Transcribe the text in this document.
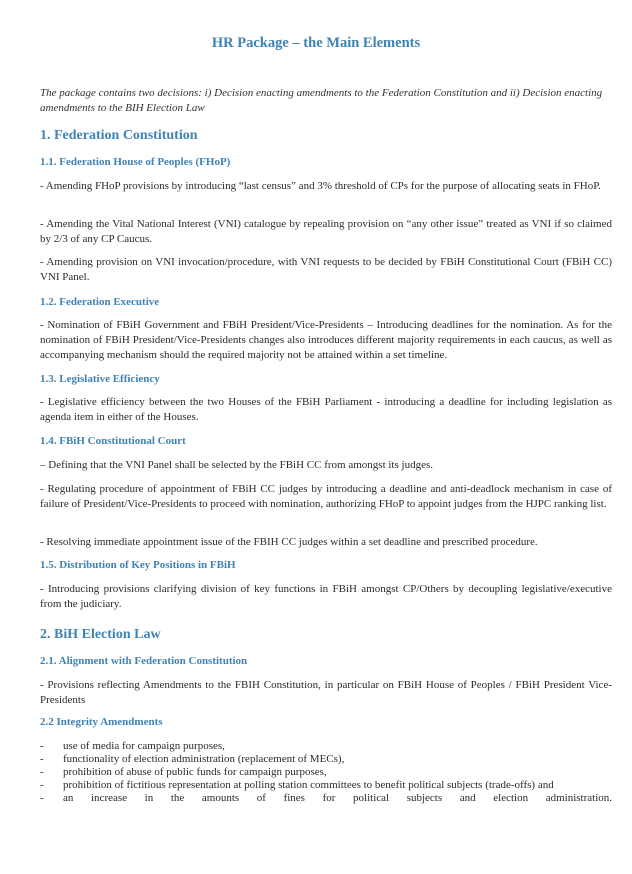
HR Package – the Main Elements
The package contains two decisions: i) Decision enacting amendments to the Federation Constitution and ii) Decision enacting amendments to the BIH Election Law
1. Federation Constitution
1.1. Federation House of Peoples (FHoP)

- Amending FHoP provisions by introducing “last census” and 3% threshold of CPs for the purpose of allocating seats in FHoP.

- Amending the Vital National Interest (VNI) catalogue by repealing provision on “any other issue” treated as VNI if so claimed by 2/3 of any CP Caucus.

- Amending provision on VNI invocation/procedure, with VNI requests to be decided by FBiH Constitutional Court (FBiH CC) VNI Panel.

1.2. Federation Executive

- Nomination of FBiH Government and FBiH President/Vice-Presidents – Introducing deadlines for the nomination. As for the nomination of FBiH President/Vice-Presidents changes also introduces different majority requirements in each caucus, as well as accompanying mechanism should the required majority not be attained within a set timeline.

1.3. Legislative Efficiency

- Legislative efficiency between the two Houses of the FBiH Parliament - introducing a deadline for including legislation as agenda item in either of the Houses.

1.4. FBiH Constitutional Court

– Defining that the VNI Panel shall be selected by the FBiH CC from amongst its judges.

- Regulating procedure of appointment of FBiH CC judges by introducing a deadline and anti-deadlock mechanism in case of failure of President/Vice-Presidents to proceed with nomination, authorizing FHoP to appoint judges from the HJPC ranking list.

- Resolving immediate appointment issue of the FBIH CC judges within a set deadline and prescribed procedure.

1.5. Distribution of Key Positions in FBiH

- Introducing provisions clarifying division of key functions in FBiH amongst CP/Others by decoupling legislative/executive from the judiciary.

2. BiH Election Law
2.1. Alignment with Federation Constitution

- Provisions reflecting Amendments to the FBIH Constitution, in particular on FBiH House of Peoples / FBiH President Vice-Presidents

2.2 Integrity Amendments
- use of media for campaign purposes,
- functionality of election administration (replacement of MECs),
- prohibition of abuse of public funds for campaign purposes,
- prohibition of fictitious representation at polling station committees to benefit political subjects (trade-offs) and
- an increase in the amounts of fines for political subjects and election administration.
